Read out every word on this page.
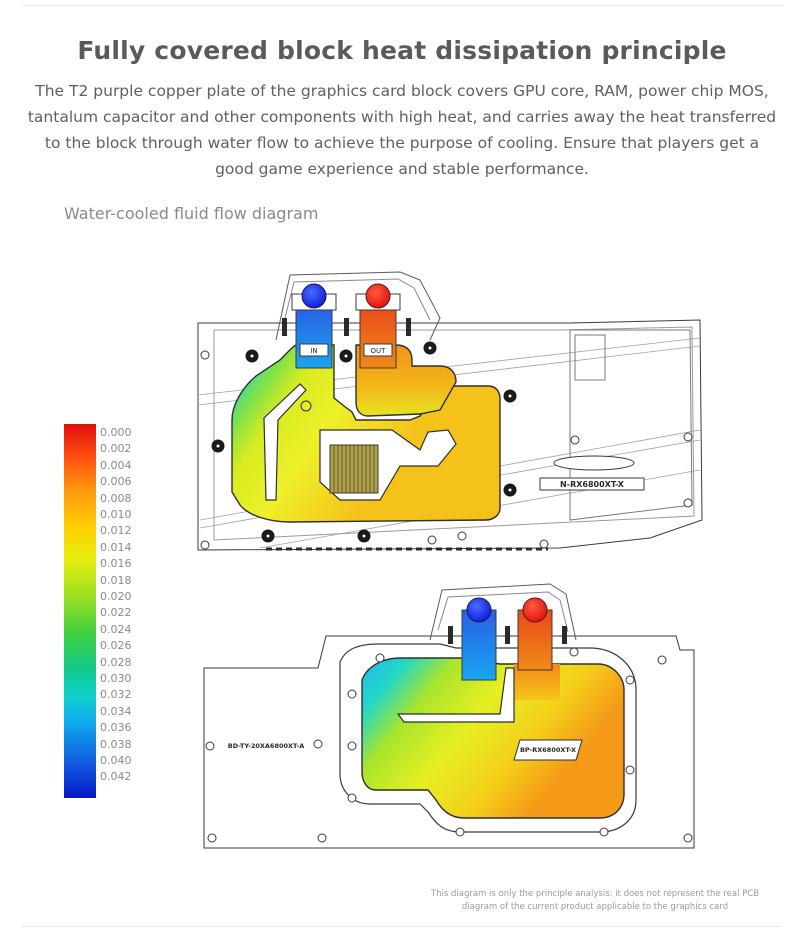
Fully covered block heat dissipation principle
The T2 purple copper plate of the graphics card block covers GPU core, RAM, power chip MOS, tantalum capacitor and other components with high heat, and carries away the heat transferred to the block through water flow to achieve the purpose of cooling. Ensure that players get a good game experience and stable performance.
Water-cooled fluid flow diagram
0.000
0.002
0.004
0.006
0.008
0.010
0.012
0.014
0.016
0.018
0.020
0.022
0.024
0.026
0.028
0.030
0.032
0.034
0.036
0.038
0.040
0.042
IN	OUT
N-RX6800XT-X
BD-TY-20XA6800XT-A	BP-RX6800XT-X
This diagram is only the principle analysis: it does not represent the real PCB
diagram of the current product applicable to the graphics card
